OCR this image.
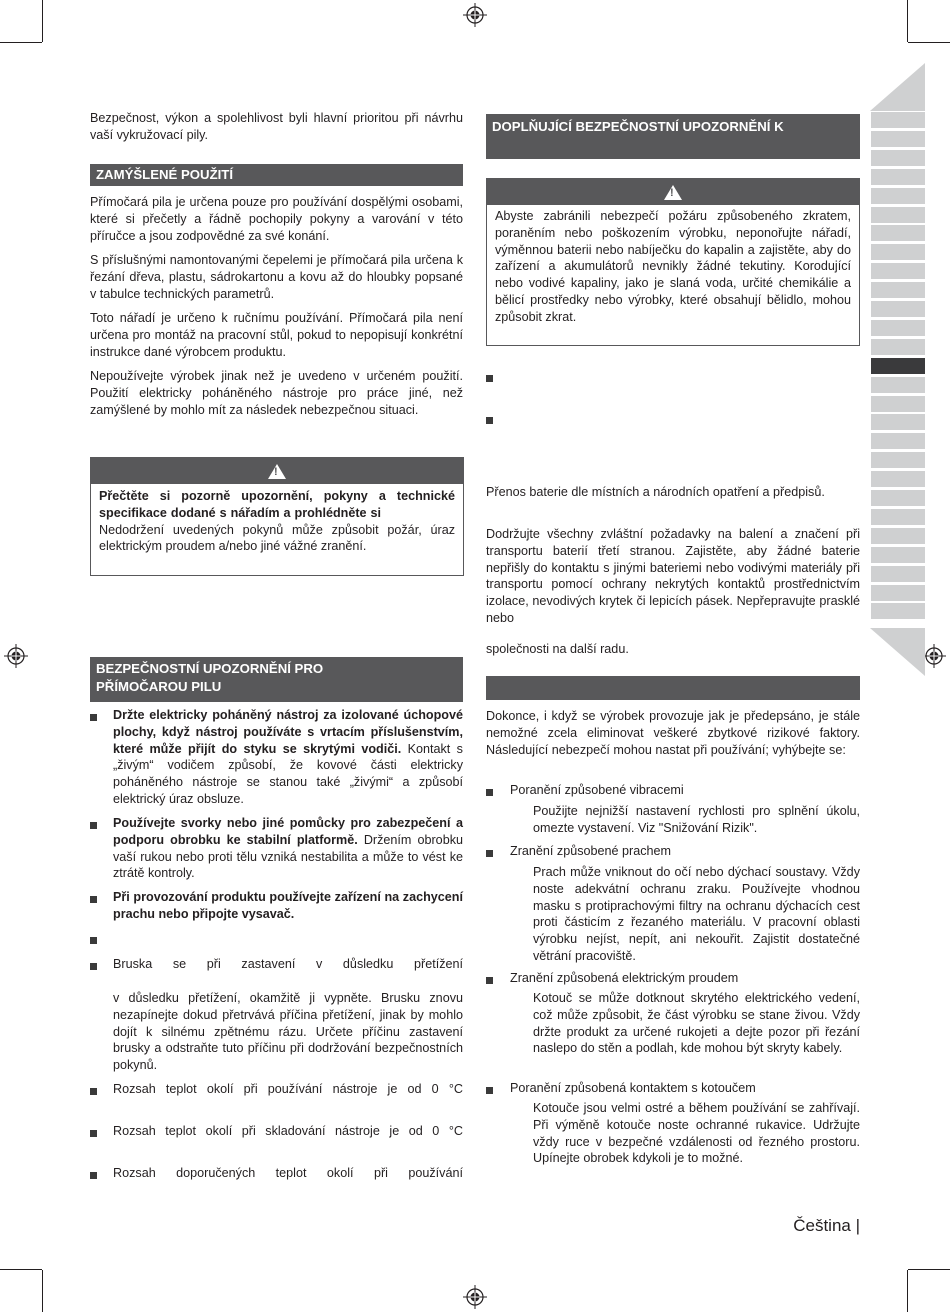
Bezpečnost, výkon a spolehlivost byli hlavní prioritou při návrhu vaší vykružovací pily.

ZAMÝŠLENÉ POUŽITÍ

Přímočará pila je určena pouze pro používání dospělými osobami, které si přečetly a řádně pochopily pokyny a varování v této příručce a jsou zodpovědné za své konání.

S příslušnými namontovanými čepelemi je přímočará pila určena k řezání dřeva, plastu, sádrokartonu a kovu až do hloubky popsané v tabulce technických parametrů.

Toto nářadí je určeno k ručnímu používání. Přímočará pila není určena pro montáž na pracovní stůl, pokud to nepopisují konkrétní instrukce dané výrobcem produktu.

Nepoužívejte výrobek jinak než je uvedeno v určeném použití. Použití elektricky poháněného nástroje pro práce jiné, než zamýšlené by mohlo mít za následek nebezpečnou situaci.

!

Přečtěte si pozorně upozornění, pokyny a technické specifikace dodané s nářadím a prohlédněte si Nedodržení uvedených pokynů může způsobit požár, úraz elektrickým proudem a/nebo jiné vážné zranění.

BEZPEČNOSTNÍ UPOZORNĚNÍ PRO
PŘÍMOČAROU PILU

Držte elektricky poháněný nástroj za izolované úchopové plochy, když nástroj používáte s vrtacím příslušenstvím, které může přijít do styku se skrytými vodiči. Kontakt s „živým“ vodičem způsobí, že kovové části elektricky poháněného nástroje se stanou také „živými“ a způsobí elektrický úraz obsluze.

Používejte svorky nebo jiné pomůcky pro zabezpečení a podporu obrobku ke stabilní platformě. Držením obrobku vaší rukou nebo proti tělu vzniká nestabilita a může to vést ke ztrátě kontroly.

Při provozování produktu používejte zařízení na zachycení prachu nebo připojte vysavač.

Bruska se při zastavení v důsledku přetížení

v důsledku přetížení, okamžitě ji vypněte. Brusku znovu nezapínejte dokud přetrvává příčina přetížení, jinak by mohlo dojít k silnému zpětnému rázu. Určete příčinu zastavení brusky a odstraňte tuto příčinu při dodržování bezpečnostních pokynů.

Rozsah teplot okolí při používání nástroje je od 0 °C

Rozsah teplot okolí při skladování nástroje je od 0 °C

Rozsah doporučených teplot okolí při používání

DOPLŇUJÍCÍ BEZPEČNOSTNÍ UPOZORNĚNÍ K
!

Abyste zabránili nebezpečí požáru způsobeného zkratem, poraněním nebo poškozením výrobku, neponořujte nářadí, výměnnou baterii nebo nabíječku do kapalin a zajistěte, aby do zařízení a akumulátorů nevnikly žádné tekutiny. Korodující nebo vodivé kapaliny, jako je slaná voda, určité chemikálie a bělicí prostředky nebo výrobky, které obsahují bělidlo, mohou způsobit zkrat.

Přenos baterie dle místních a národních opatření a předpisů.

Dodržujte všechny zvláštní požadavky na balení a značení při transportu baterií třetí stranou. Zajistěte, aby žádné baterie nepřišly do kontaktu s jinými bateriemi nebo vodivými materiály při transportu pomocí ochrany nekrytých kontaktů prostřednictvím izolace, nevodivých krytek či lepicích pásek. Nepřepravujte prasklé nebo

společnosti na další radu.

Dokonce, i když se výrobek provozuje jak je předepsáno, je stále nemožné zcela eliminovat veškeré zbytkové rizikové faktory. Následující nebezpečí mohou nastat při používání; vyhýbejte se:

Poranění způsobené vibracemi

Použijte nejnižší nastavení rychlosti pro splnění úkolu, omezte vystavení. Viz "Snižování Rizik".

Zranění způsobené prachem

Prach může vniknout do očí nebo dýchací soustavy. Vždy noste adekvátní ochranu zraku. Používejte vhodnou masku s protiprachovými filtry na ochranu dýchacích cest proti částicím z řezaného materiálu. V pracovní oblasti výrobku nejíst, nepít, ani nekouřit. Zajistit dostatečné větrání pracoviště.

Zranění způsobená elektrickým proudem

Kotouč se může dotknout skrytého elektrického vedení, což může způsobit, že část výrobku se stane živou. Vždy držte produkt za určené rukojeti a dejte pozor při řezání naslepo do stěn a podlah, kde mohou být skryty kabely.

Poranění způsobená kontaktem s kotoučem

Kotouče jsou velmi ostré a během používání se zahřívají. Při výměně kotouče noste ochranné rukavice. Udržujte vždy ruce v bezpečné vzdálenosti od řezného prostoru. Upínejte obrobek kdykoli je to možné.

Čeština |
